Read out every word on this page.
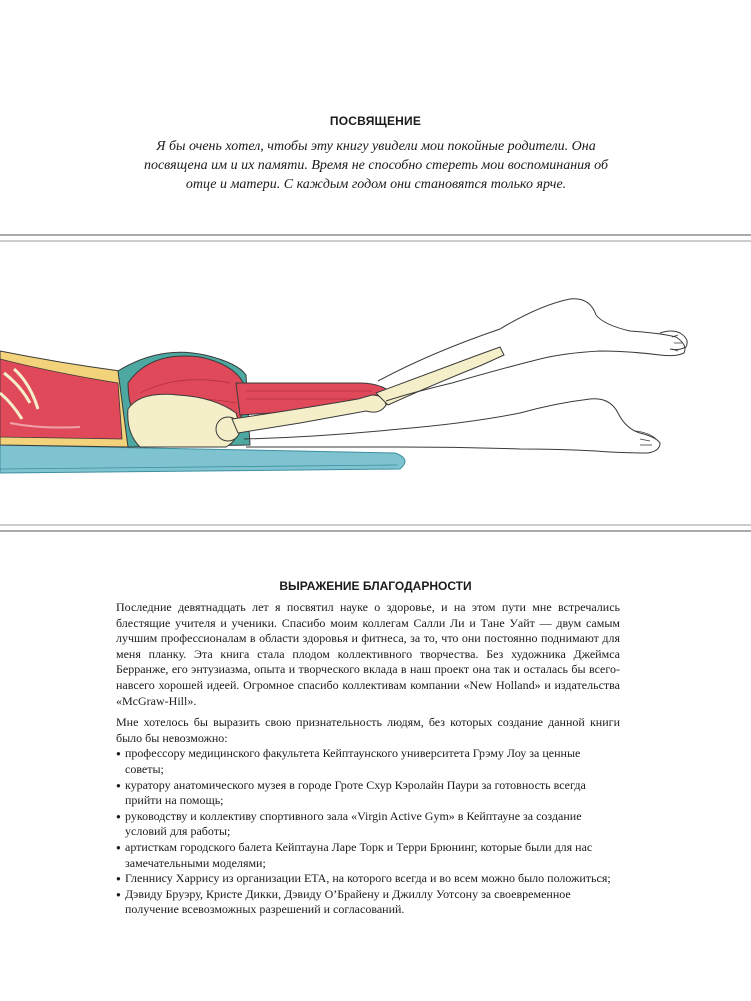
ПОСВЯЩЕНИЕ

Я бы очень хотел, чтобы эту книгу увидели мои покойные родители. Она посвящена им и их памяти. Время не способно стереть мои воспоминания об отце и матери. С каждым годом они становятся только ярче.

ВЫРАЖЕНИЕ БЛАГОДАРНОСТИ

Последние девятнадцать лет я посвятил науке о здоровье, и на этом пути мне встречались блестящие учителя и ученики. Спасибо моим коллегам Салли Ли и Тане Уайт — двум самым лучшим профессионалам в области здоровья и фитнеса, за то, что они постоянно поднимают для меня планку. Эта книга стала плодом коллективного творчества. Без художника Джеймса Берранже, его энтузиазма, опыта и творческого вклада в наш проект она так и осталась бы всего-навсего хорошей идеей. Огромное спасибо коллективам компании «New Holland» и издательства «McGraw-Hill».

Мне хотелось бы выразить свою признательность людям, без которых создание данной книги было бы невозможно:

● профессору медицинского факультета Кейптаунского университета Грэму Лоу за ценные советы;
● куратору анатомического музея в городе Гроте Схур Кэролайн Паури за готовность всегда прийти на помощь;
● руководству и коллективу спортивного зала «Virgin Active Gym» в Кейптауне за создание условий для работы;
● артисткам городского балета Кейптауна Ларе Торк и Терри Брюнинг, которые были для нас замечательными моделями;
● Гленнису Харрису из организации ETA, на которого всегда и во всем можно было положиться;
● Дэвиду Бруэру, Кристе Дикки, Дэвиду О’Брайену и Джиллу Уотсону за своевременное получение всевозможных разрешений и согласований.
